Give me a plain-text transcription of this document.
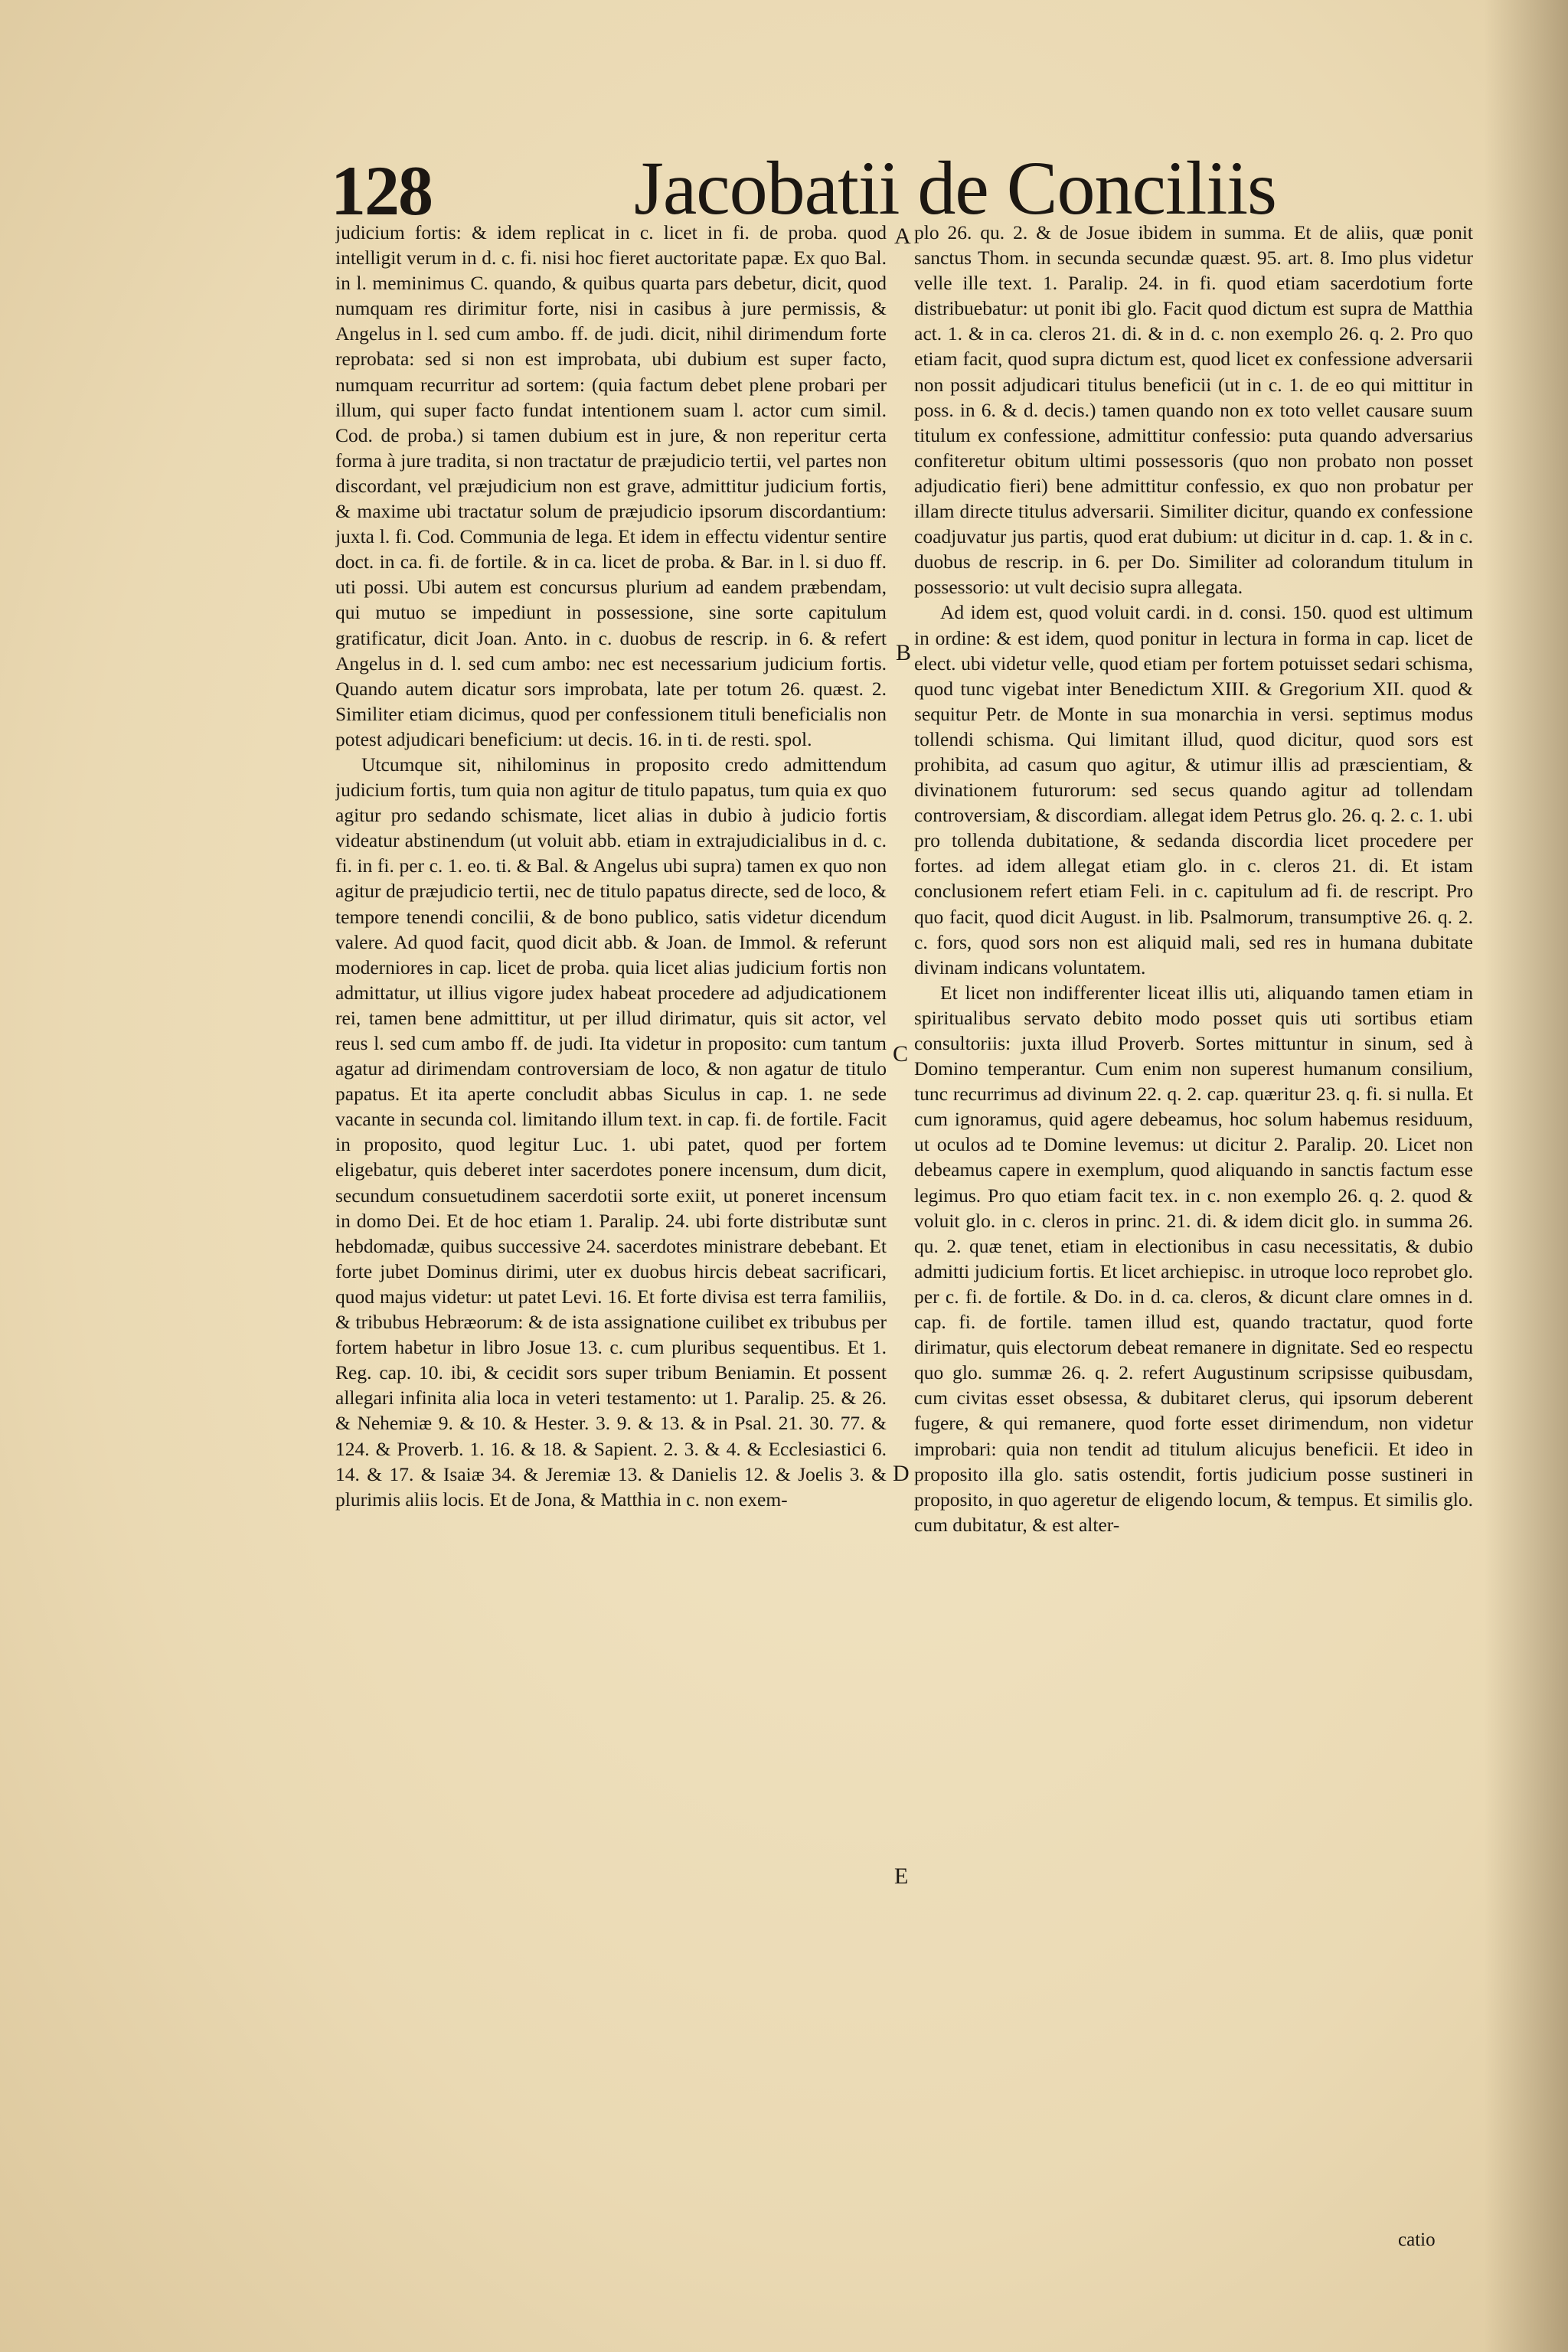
128	Jacobatii de Conciliis

judicium fortis: & idem replicat in c. licet in fi. de proba. quod intelligit verum in d. c. fi. nisi hoc fieret auctoritate papæ. Ex quo Bal. in l. meminimus C. quando, & quibus quarta pars debetur, dicit, quod numquam res dirimitur forte, nisi in casibus à jure permissis, & Angelus in l. sed cum ambo. ff. de judi. dicit, nihil dirimendum forte reprobata: sed si non est improbata, ubi dubium est super facto, numquam recurritur ad sortem: (quia factum debet plene probari per illum, qui super facto fundat intentionem suam l. actor cum simil. Cod. de proba.) si tamen dubium est in jure, & non reperitur certa forma à jure tradita, si non tractatur de præjudicio tertii, vel partes non discordant, vel præjudicium non est grave, admittitur judicium fortis, & maxime ubi tractatur solum de præjudicio ipsorum discordantium: juxta l. fi. Cod. Communia de lega. Et idem in effectu videntur sentire doct. in ca. fi. de fortile. & in ca. licet de proba. & Bar. in l. si duo ff. uti possi. Ubi autem est concursus plurium ad eandem præbendam, qui mutuo se impediunt in possessione, sine sorte capitulum gratificatur, dicit Joan. Anto. in c. duobus de rescrip. in 6. & refert Angelus in d. l. sed cum ambo: nec est necessarium judicium fortis. Quando autem dicatur sors improbata, late per totum 26. quæst. 2. Similiter etiam dicimus, quod per confessionem tituli beneficialis non potest adjudicari beneficium: ut decis. 16. in ti. de resti. spol.

Utcumque sit, nihilominus in proposito credo admittendum judicium fortis, tum quia non agitur de titulo papatus, tum quia ex quo agitur pro sedando schismate, licet alias in dubio à judicio fortis videatur abstinendum (ut voluit abb. etiam in extrajudicialibus in d. c. fi. in fi. per c. 1. eo. ti. & Bal. & Angelus ubi supra) tamen ex quo non agitur de præjudicio tertii, nec de titulo papatus directe, sed de loco, & tempore tenendi concilii, & de bono publico, satis videtur dicendum valere. Ad quod facit, quod dicit abb. & Joan. de Immol. & referunt moderniores in cap. licet de proba. quia licet alias judicium fortis non admittatur, ut illius vigore judex habeat procedere ad adjudicationem rei, tamen bene admittitur, ut per illud dirimatur, quis sit actor, vel reus l. sed cum ambo ff. de judi. Ita videtur in proposito: cum tantum agatur ad dirimendam controversiam de loco, & non agatur de titulo papatus. Et ita aperte concludit abbas Siculus in cap. 1. ne sede vacante in secunda col. limitando illum text. in cap. fi. de fortile. Facit in proposito, quod legitur Luc. 1. ubi patet, quod per fortem eligebatur, quis deberet inter sacerdotes ponere incensum, dum dicit, secundum consuetudinem sacerdotii sorte exiit, ut poneret incensum in domo Dei. Et de hoc etiam 1. Paralip. 24. ubi forte distributæ sunt hebdomadæ, quibus successive 24. sacerdotes ministrare debebant. Et forte jubet Dominus dirimi, uter ex duobus hircis debeat sacrificari, quod majus videtur: ut patet Levi. 16. Et forte divisa est terra familiis, & tribubus Hebræorum: & de ista assignatione cuilibet ex tribubus per fortem habetur in libro Josue 13. c. cum pluribus sequentibus. Et 1. Reg. cap. 10. ibi, & cecidit sors super tribum Beniamin. Et possent allegari infinita alia loca in veteri testamento: ut 1. Paralip. 25. & 26. & Nehemiæ 9. & 10. & Hester. 3. 9. & 13. & in Psal. 21. 30. 77. & 124. & Proverb. 1. 16. & 18. & Sapient. 2. 3. & 4. & Ecclesiastici 6. 14. & 17. & Isaiæ 34. & Jeremiæ 13. & Danielis 12. & Joelis 3. & plurimis aliis locis. Et de Jona, & Matthia in c. non exem-

plo 26. qu. 2. & de Josue ibidem in summa. Et de aliis, quæ ponit sanctus Thom. in secunda secundæ quæst. 95. art. 8. Imo plus videtur velle ille text. 1. Paralip. 24. in fi. quod etiam sacerdotium forte distribuebatur: ut ponit ibi glo. Facit quod dictum est supra de Matthia act. 1. & in ca. cleros 21. di. & in d. c. non exemplo 26. q. 2. Pro quo etiam facit, quod supra dictum est, quod licet ex confessione adversarii non possit adjudicari titulus beneficii (ut in c. 1. de eo qui mittitur in poss. in 6. & d. decis.) tamen quando non ex toto vellet causare suum titulum ex confessione, admittitur confessio: puta quando adversarius confiteretur obitum ultimi possessoris (quo non probato non posset adjudicatio fieri) bene admittitur confessio, ex quo non probatur per illam directe titulus adversarii. Similiter dicitur, quando ex confessione coadjuvatur jus partis, quod erat dubium: ut dicitur in d. cap. 1. & in c. duobus de rescrip. in 6. per Do. Similiter ad colorandum titulum in possessorio: ut vult decisio supra allegata.

Ad idem est, quod voluit cardi. in d. consi. 150. quod est ultimum in ordine: & est idem, quod ponitur in lectura in forma in cap. licet de elect. ubi videtur velle, quod etiam per fortem potuisset sedari schisma, quod tunc vigebat inter Benedictum XIII. & Gregorium XII. quod & sequitur Petr. de Monte in sua monarchia in versi. septimus modus tollendi schisma. Qui limitant illud, quod dicitur, quod sors est prohibita, ad casum quo agitur, & utimur illis ad præscientiam, & divinationem futurorum: sed secus quando agitur ad tollendam controversiam, & discordiam. allegat idem Petrus glo. 26. q. 2. c. 1. ubi pro tollenda dubitatione, & sedanda discordia licet procedere per fortes. ad idem allegat etiam glo. in c. cleros 21. di. Et istam conclusionem refert etiam Feli. in c. capitulum ad fi. de rescript. Pro quo facit, quod dicit August. in lib. Psalmorum, transumptive 26. q. 2. c. fors, quod sors non est aliquid mali, sed res in humana dubitate divinam indicans voluntatem.

Et licet non indifferenter liceat illis uti, aliquando tamen etiam in spiritualibus servato debito modo posset quis uti sortibus etiam consultoriis: juxta illud Proverb. Sortes mittuntur in sinum, sed à Domino temperantur. Cum enim non superest humanum consilium, tunc recurrimus ad divinum 22. q. 2. cap. quæritur 23. q. fi. si nulla. Et cum ignoramus, quid agere debeamus, hoc solum habemus residuum, ut oculos ad te Domine levemus: ut dicitur 2. Paralip. 20. Licet non debeamus capere in exemplum, quod aliquando in sanctis factum esse legimus. Pro quo etiam facit tex. in c. non exemplo 26. q. 2. quod & voluit glo. in c. cleros in princ. 21. di. & idem dicit glo. in summa 26. qu. 2. quæ tenet, etiam in electionibus in casu necessitatis, & dubio admitti judicium fortis. Et licet archiepisc. in utroque loco reprobet glo. per c. fi. de fortile. & Do. in d. ca. cleros, & dicunt clare omnes in d. cap. fi. de fortile. tamen illud est, quando tractatur, quod forte dirimatur, quis electorum debeat remanere in dignitate. Sed eo respectu quo glo. summæ 26. q. 2. refert Augustinum scripsisse quibusdam, cum civitas esset obsessa, & dubitaret clerus, qui ipsorum deberent fugere, & qui remanere, quod forte esset dirimendum, non videtur improbari: quia non tendit ad titulum alicujus beneficii. Et ideo in proposito illa glo. satis ostendit, fortis judicium posse sustineri in proposito, in quo ageretur de eligendo locum, & tempus. Et similis glo. cum dubitatur, & est alter-

A
B
C
D
E
catio
